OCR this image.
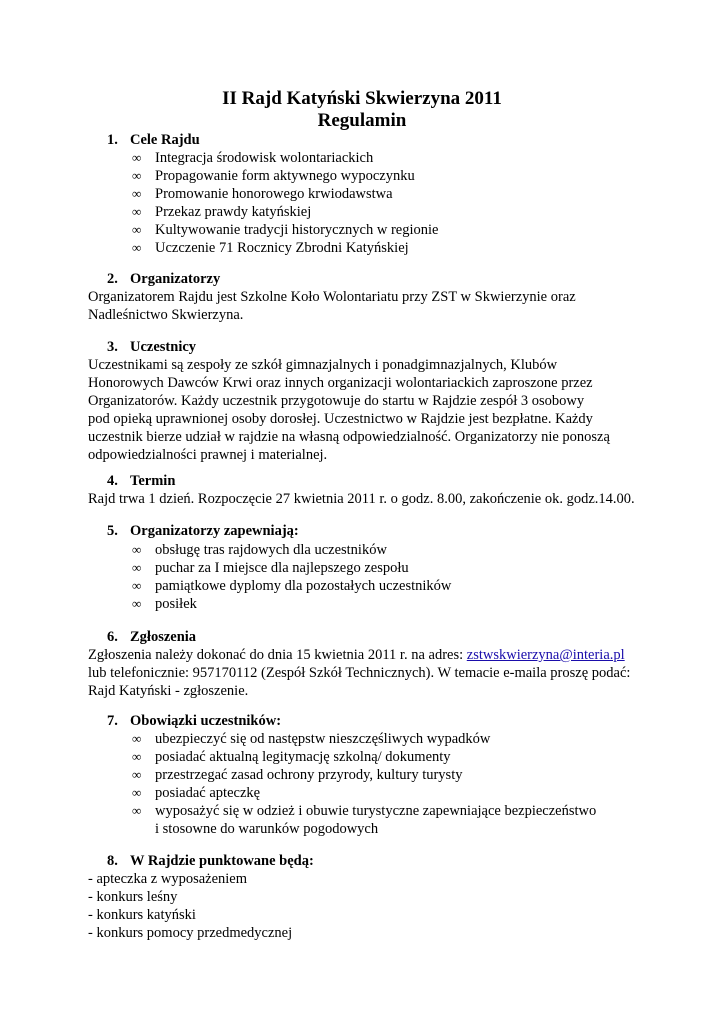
II Rajd Katyński Skwierzyna 2011
Regulamin
1. Cele Rajdu
∞ Integracja środowisk wolontariackich
∞ Propagowanie form aktywnego wypoczynku
∞ Promowanie honorowego krwiodawstwa
∞ Przekaz prawdy katyńskiej
∞ Kultywowanie tradycji historycznych w regionie
∞ Uczczenie 71 Rocznicy Zbrodni Katyńskiej
2. Organizatorzy
Organizatorem Rajdu jest Szkolne Koło Wolontariatu przy ZST w Skwierzynie oraz
Nadleśnictwo Skwierzyna.
3. Uczestnicy
Uczestnikami są zespoły ze szkół gimnazjalnych i ponadgimnazjalnych, Klubów
Honorowych Dawców Krwi oraz innych organizacji wolontariackich zaproszone przez
Organizatorów. Każdy uczestnik przygotowuje do startu w Rajdzie zespół 3 osobowy
pod opieką uprawnionej osoby dorosłej. Uczestnictwo w Rajdzie jest bezpłatne. Każdy
uczestnik bierze udział w rajdzie na własną odpowiedzialność. Organizatorzy nie ponoszą
odpowiedzialności prawnej i materialnej.
4. Termin
Rajd trwa 1 dzień. Rozpoczęcie 27 kwietnia 2011 r. o godz. 8.00, zakończenie ok. godz.14.00.
5. Organizatorzy zapewniają:
∞ obsługę tras rajdowych dla uczestników
∞ puchar za I miejsce dla najlepszego zespołu
∞ pamiątkowe dyplomy dla pozostałych uczestników
∞ posiłek
6. Zgłoszenia
Zgłoszenia należy dokonać do dnia 15 kwietnia 2011 r. na adres: zstwskwierzyna@interia.pl
lub telefonicznie: 957170112 (Zespół Szkół Technicznych). W temacie e-maila proszę podać:
Rajd Katyński - zgłoszenie.
7. Obowiązki uczestników:
∞ ubezpieczyć się od następstw nieszczęśliwych wypadków
∞ posiadać aktualną legitymację szkolną/ dokumenty
∞ przestrzegać zasad ochrony przyrody, kultury turysty
∞ posiadać apteczkę
∞ wyposażyć się w odzież i obuwie turystyczne zapewniające bezpieczeństwo
i stosowne do warunków pogodowych
8. W Rajdzie punktowane będą:
- apteczka z wyposażeniem
- konkurs leśny
- konkurs katyński
- konkurs pomocy przedmedycznej
